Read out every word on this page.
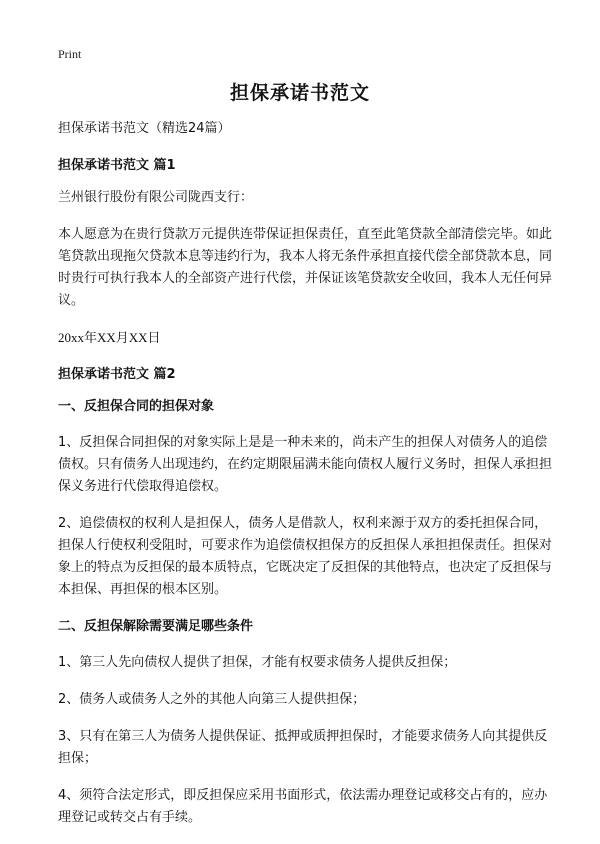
Print
担保承诺书范文

担保承诺书范文（精选24篇）

担保承诺书范文 篇1

兰州银行股份有限公司陇西支行：

本人愿意为在贵行贷款万元提供连带保证担保责任，直至此笔贷款全部清偿完毕。如此笔贷款出现拖欠贷款本息等违约行为，我本人将无条件承担直接代偿全部贷款本息，同时贵行可执行我本人的全部资产进行代偿，并保证该笔贷款安全收回，我本人无任何异议。

20xx年XX月XX日

担保承诺书范文 篇2

一、反担保合同的担保对象

1、反担保合同担保的对象实际上是是一种未来的，尚未产生的担保人对债务人的追偿债权。只有债务人出现违约，在约定期限届满未能向债权人履行义务时，担保人承担担保义务进行代偿取得追偿权。

2、追偿债权的权利人是担保人，债务人是借款人，权利来源于双方的委托担保合同，担保人行使权利受阻时，可要求作为追偿债权担保方的反担保人承担担保责任。担保对象上的特点为反担保的最本质特点，它既决定了反担保的其他特点，也决定了反担保与本担保、再担保的根本区别。

二、反担保解除需要满足哪些条件

1、第三人先向债权人提供了担保，才能有权要求债务人提供反担保；

2、债务人或债务人之外的其他人向第三人提供担保；

3、只有在第三人为债务人提供保证、抵押或质押担保时，才能要求债务人向其提供反担保；

4、须符合法定形式，即反担保应采用书面形式，依法需办理登记或移交占有的，应办理登记或转交占有手续。
